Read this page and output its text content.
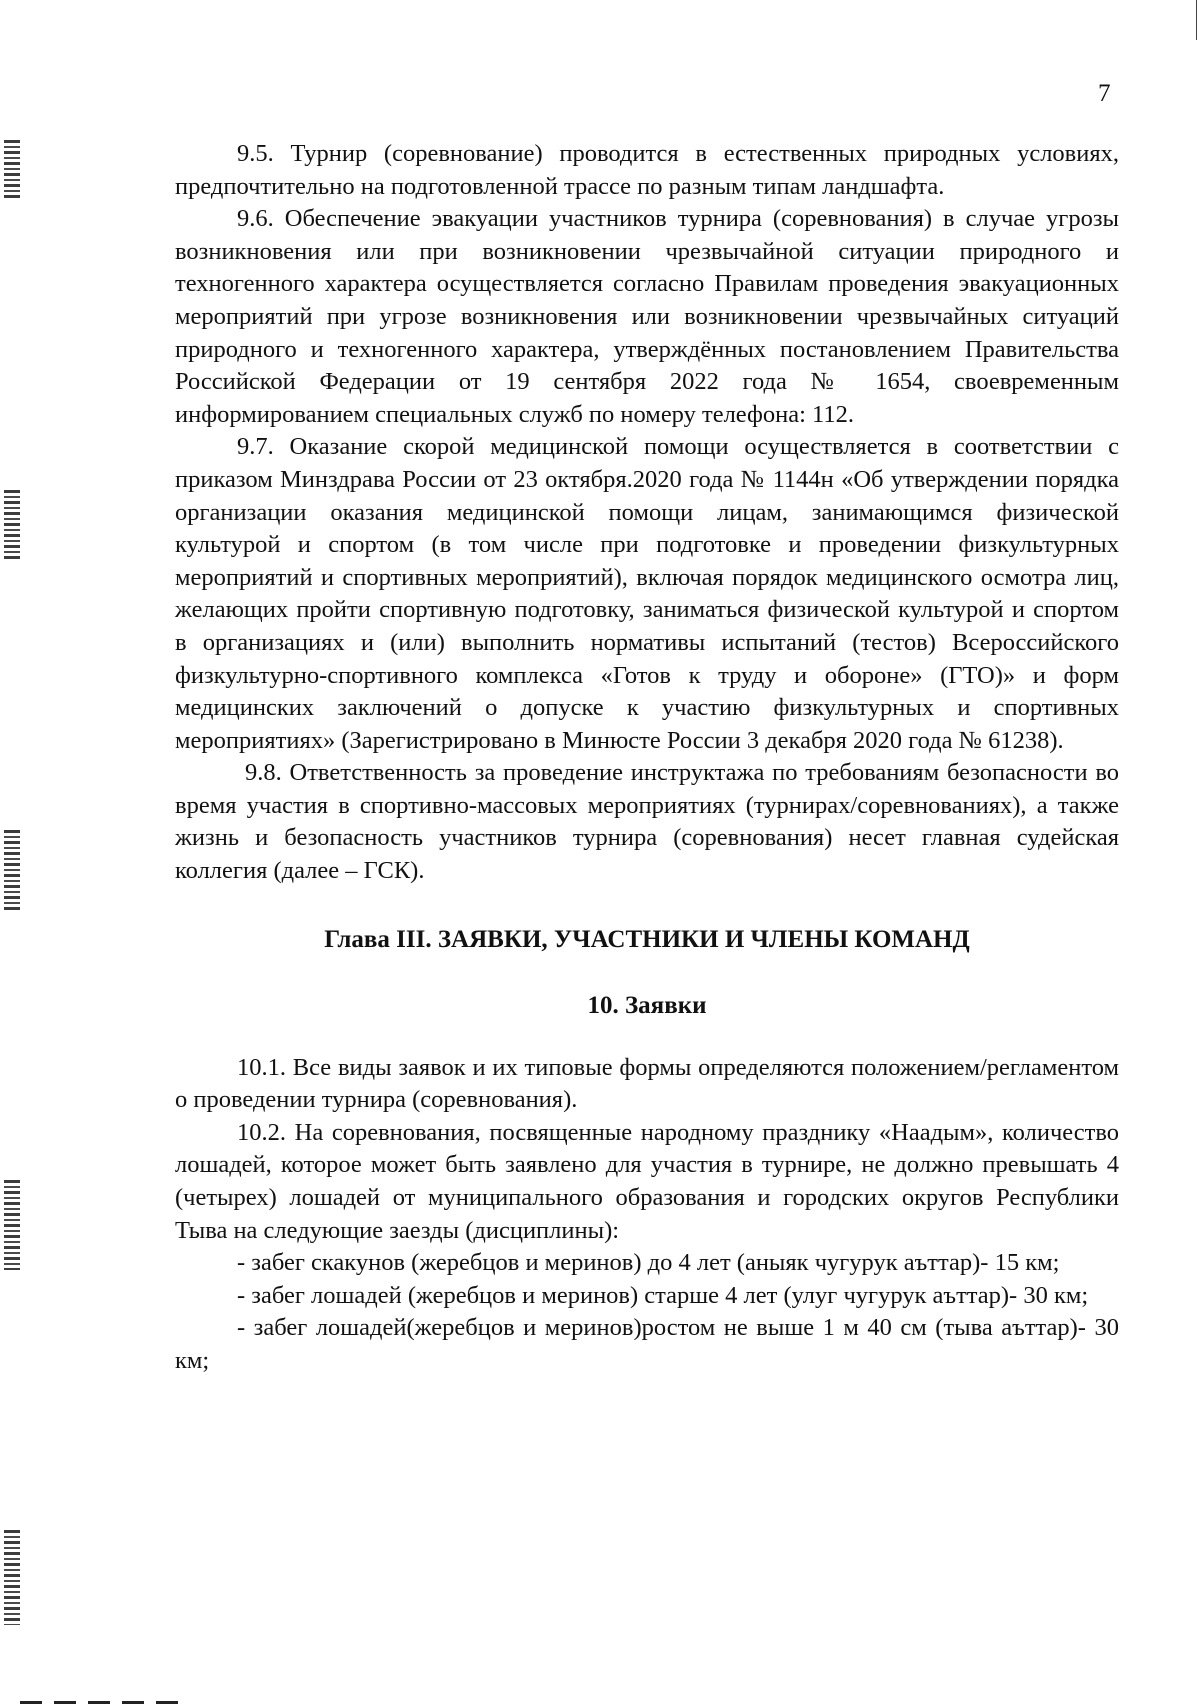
7

9.5. Турнир (соревнование) проводится в естественных природных условиях, предпочтительно на подготовленной трассе по разным типам ландшафта.

9.6. Обеспечение эвакуации участников турнира (соревнования) в случае угрозы возникновения или при возникновении чрезвычайной ситуации природного и техногенного характера осуществляется согласно Правилам проведения эвакуационных мероприятий при угрозе возникновения или возникновении чрезвычайных ситуаций природного и техногенного характера, утверждённых постановлением Правительства Российской Федерации от 19 сентября 2022 года № 1654, своевременным информированием специальных служб по номеру телефона: 112.

9.7. Оказание скорой медицинской помощи осуществляется в соответствии с приказом Минздрава России от 23 октября.2020 года № 1144н «Об утверждении порядка организации оказания медицинской помощи лицам, занимающимся физической культурой и спортом (в том числе при подготовке и проведении физкультурных мероприятий и спортивных мероприятий), включая порядок медицинского осмотра лиц, желающих пройти спортивную подготовку, заниматься физической культурой и спортом в организациях и (или) выполнить нормативы испытаний (тестов) Всероссийского физкультурно-спортивного комплекса «Готов к труду и обороне» (ГТО)» и форм медицинских заключений о допуске к участию физкультурных и спортивных мероприятиях» (Зарегистрировано в Минюсте России 3 декабря 2020 года № 61238).

9.8. Ответственность за проведение инструктажа по требованиям безопасности во время участия в спортивно-массовых мероприятиях (турнирах/соревнованиях), а также жизнь и безопасность участников турнира (соревнования) несет главная судейская коллегия (далее – ГСК).

Глава III. ЗАЯВКИ, УЧАСТНИКИ И ЧЛЕНЫ КОМАНД
10. Заявки

10.1. Все виды заявок и их типовые формы определяются положением/регламентом о проведении турнира (соревнования).

10.2. На соревнования, посвященные народному празднику «Наадым», количество лошадей, которое может быть заявлено для участия в турнире, не должно превышать 4 (четырех) лошадей от муниципального образования и городских округов Республики Тыва на следующие заезды (дисциплины):

- забег скакунов (жеребцов и меринов) до 4 лет (аныяк чугурук аъттар)- 15 км;

- забег лошадей (жеребцов и меринов) старше 4 лет (улуг чугурук аъттар)- 30 км;

- забег лошадей(жеребцов и меринов)ростом не выше 1 м 40 см (тыва аъттар)- 30 км;
